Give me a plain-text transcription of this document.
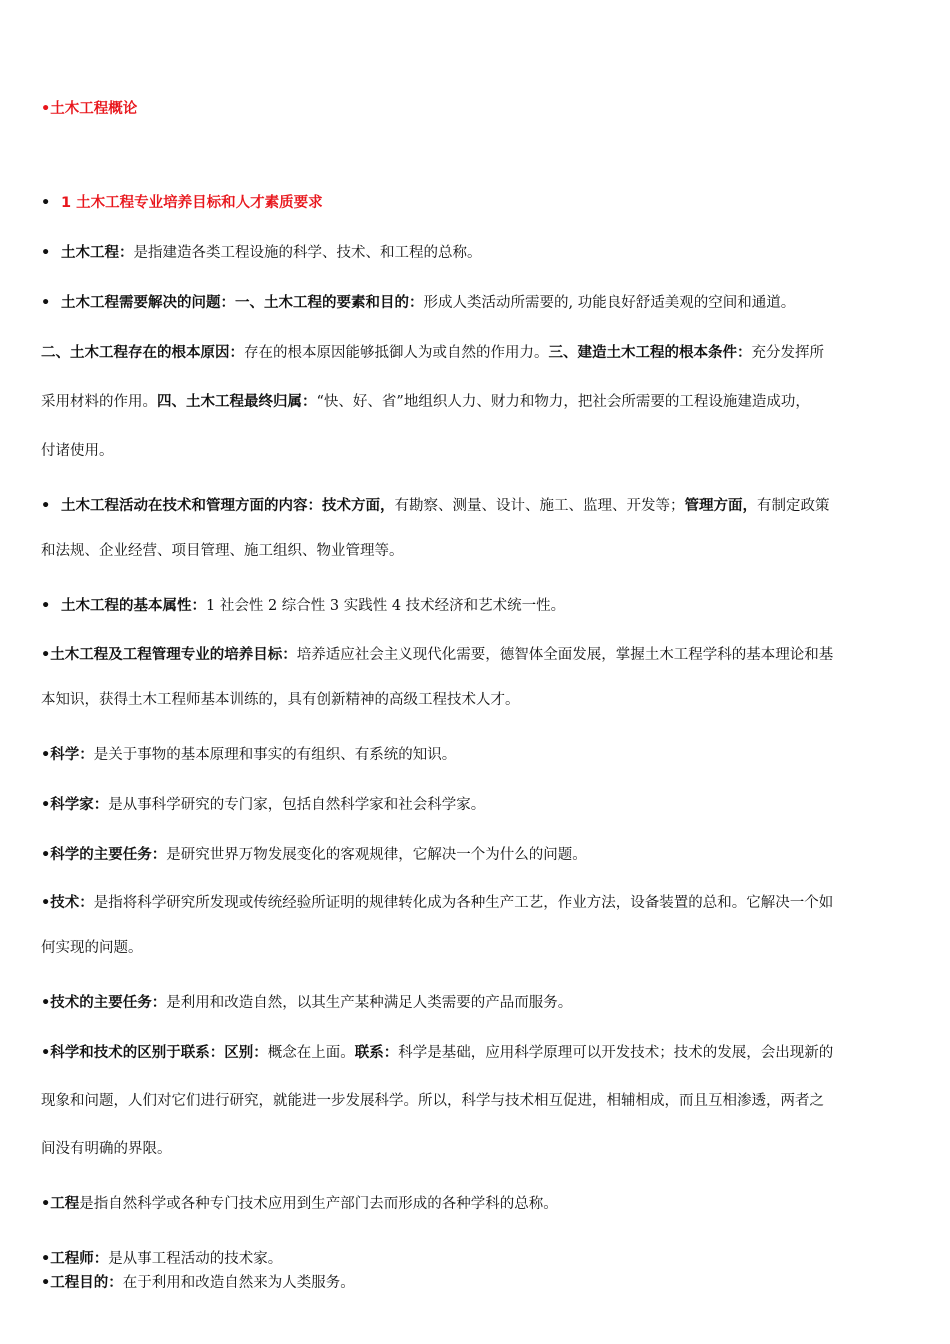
•土木工程概论
• 1 土木工程专业培养目标和人才素质要求
• 土木工程：是指建造各类工程设施的科学、技术、和工程的总称。
• 土木工程需要解决的问题：一、土木工程的要素和目的：形成人类活动所需要的, 功能良好舒适美观的空间和通道。
二、土木工程存在的根本原因：存在的根本原因能够抵御人为或自然的作用力。三、建造土木工程的根本条件：充分发挥所
采用材料的作用。四、土木工程最终归属：“快、好、省”地组织人力、财力和物力，把社会所需要的工程设施建造成功，
付诸使用。
• 土木工程活动在技术和管理方面的内容：技术方面，有勘察、测量、设计、施工、监理、开发等；管理方面，有制定政策
和法规、企业经营、项目管理、施工组织、物业管理等。
• 土木工程的基本属性：1 社会性 2 综合性 3 实践性 4 技术经济和艺术统一性。
•土木工程及工程管理专业的培养目标：培养适应社会主义现代化需要，德智体全面发展，掌握土木工程学科的基本理论和基
本知识，获得土木工程师基本训练的，具有创新精神的高级工程技术人才。
•科学：是关于事物的基本原理和事实的有组织、有系统的知识。
•科学家：是从事科学研究的专门家，包括自然科学家和社会科学家。
•科学的主要任务：是研究世界万物发展变化的客观规律，它解决一个为什么的问题。
•技术：是指将科学研究所发现或传统经验所证明的规律转化成为各种生产工艺，作业方法，设备装置的总和。它解决一个如
何实现的问题。
•技术的主要任务：是利用和改造自然，以其生产某种满足人类需要的产品而服务。
•科学和技术的区别于联系：区别：概念在上面。联系：科学是基础，应用科学原理可以开发技术；技术的发展，会出现新的
现象和问题，人们对它们进行研究，就能进一步发展科学。所以，科学与技术相互促进，相辅相成，而且互相渗透，两者之
间没有明确的界限。
•工程是指自然科学或各种专门技术应用到生产部门去而形成的各种学科的总称。
•工程师：是从事工程活动的技术家。
•工程目的：在于利用和改造自然来为人类服务。
